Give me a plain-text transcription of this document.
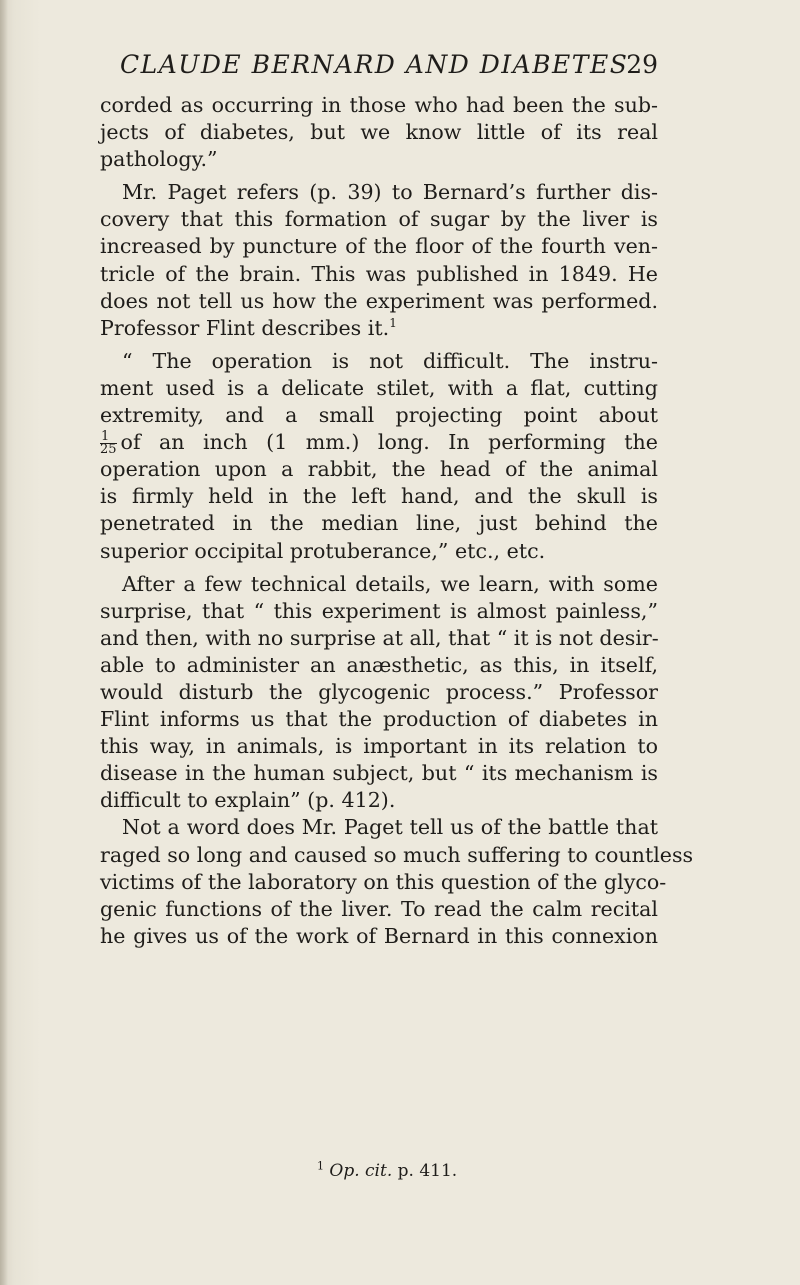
CLAUDE BERNARD AND DIABETES
29

corded as occurring in those who had been the sub-
jects of diabetes, but we know little of its real
pathology.”

Mr. Paget refers (p. 39) to Bernard’s further dis-
covery that this formation of sugar by the liver is
increased by puncture of the floor of the fourth ven-
tricle of the brain. This was published in 1849. He
does not tell us how the experiment was performed.
Professor Flint describes it.$^1$

“ The operation is not difficult. The instru-
ment used is a delicate stilet, with a flat, cutting
extremity, and a small projecting point about
$\frac{1}{25}$ of an inch (1 mm.) long. In performing the
operation upon a rabbit, the head of the animal
is firmly held in the left hand, and the skull is
penetrated in the median line, just behind the
superior occipital protuberance,” etc., etc.

After a few technical details, we learn, with some
surprise, that “ this experiment is almost painless,”
and then, with no surprise at all, that “ it is not desir-
able to administer an anæsthetic, as this, in itself,
would disturb the glycogenic process.” Professor
Flint informs us that the production of diabetes in
this way, in animals, is important in its relation to
disease in the human subject, but “ its mechanism is
difficult to explain” (p. 412).

Not a word does Mr. Paget tell us of the battle that
raged so long and caused so much suffering to countless
victims of the laboratory on this question of the glyco-
genic functions of the liver. To read the calm recital
he gives us of the work of Bernard in this connexion

$^1$ Op. cit. p. 411.
